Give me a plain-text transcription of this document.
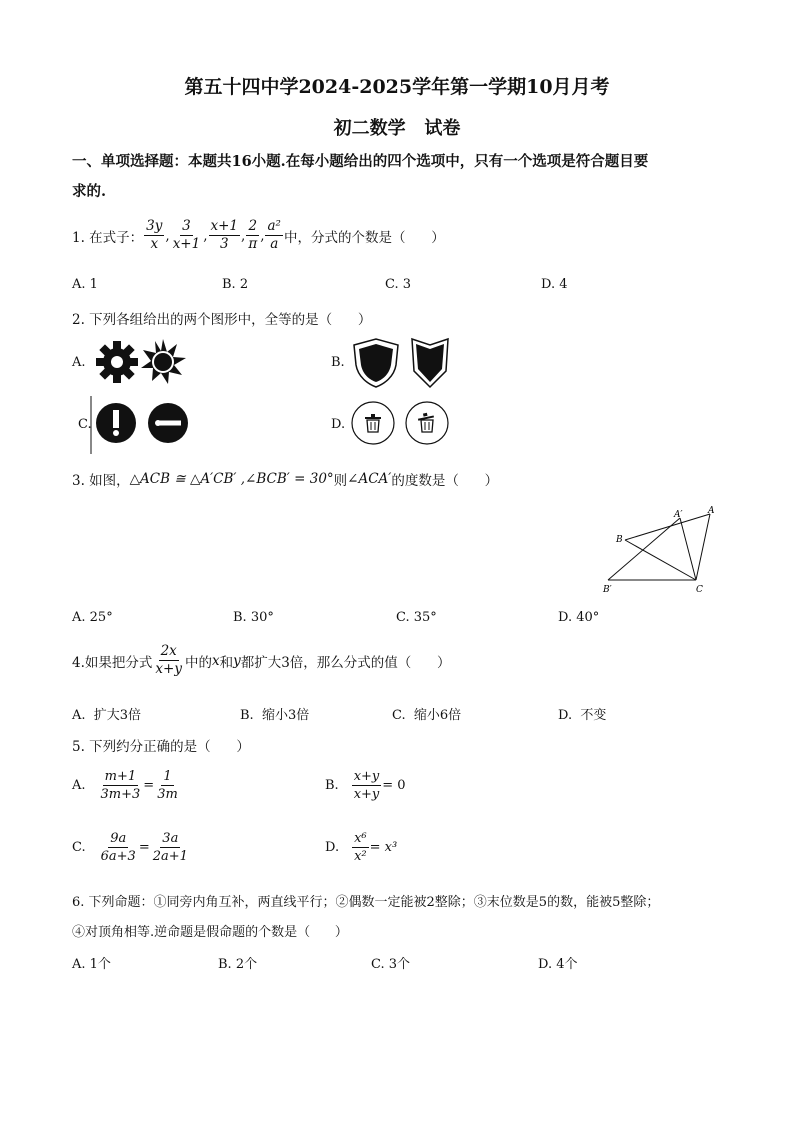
第五十四中学2024-2025学年第一学期10月月考
初二数学   试卷
一、单项选择题：本题共16小题.在每小题给出的四个选项中，只有一个选项是符合题目要
求的.
1. 在式子： $\frac{3y}{x}$ , $\frac{3}{x+1}$ , $\frac{x+1}{3}$ , $\frac{2}{\pi}$ , $\frac{\text{a²}}{a}$ 中，分式的个数是（      ）
A. 1	B. 2	C. 3	D. 4
2. 下列各组给出的两个图形中，全等的是（      ）
A.	B.
C.	D.
3. 如图， △ACB ≅ △A′CB′ ,∠BCB′ = 30° 则 ∠ACA′ 的度数是（      ）
A
A′
B
B′	C
A. 25°	B. 30°	C. 35°	D. 40°
4.如果把分式 $\frac{2x}{x+y}$ 中的 x 和 y 都扩大3倍，那么分式的值（      ）
A.  扩大3倍	B.  缩小3倍	C.  缩小6倍	D.  不变
5. 下列约分正确的是（      ）
A. $\frac{m+1}{3m+3} = \frac{1}{3m}$	B. $\frac{x+y}{x+y} = 0$
C. $\frac{9a}{6a+3} = \frac{3a}{2a+1}$	D. $\frac{\text{x⁶}}{\text{x²}} = x^3$
6. 下列命题：①同旁内角互补，两直线平行；②偶数一定能被2整除；③末位数是5的数，能被5整除；
④对顶角相等.逆命题是假命题的个数是（      ）
A. 1个	B. 2个	C. 3个	D. 4个
